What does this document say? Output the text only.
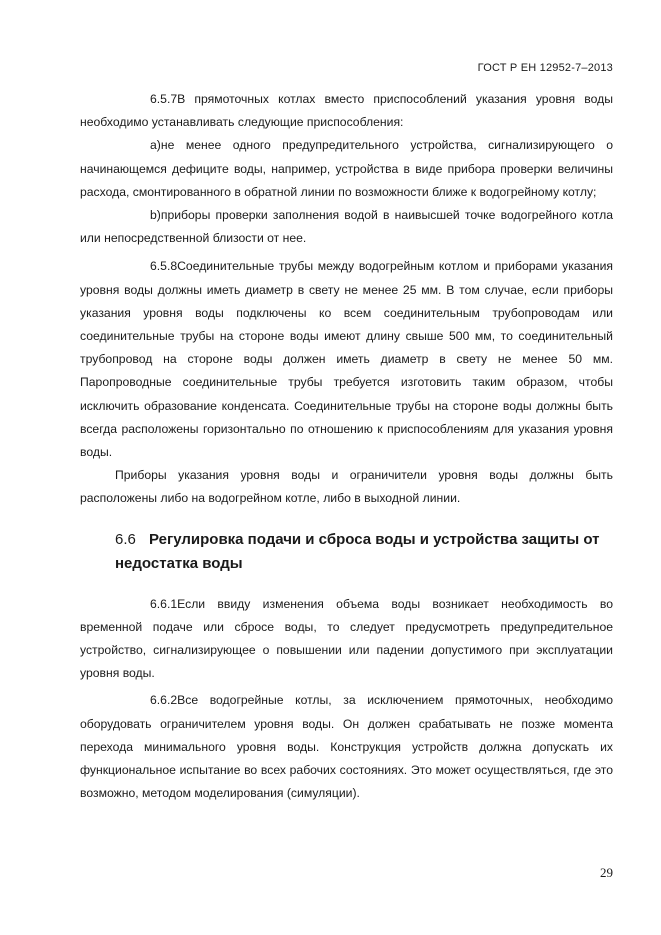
ГОСТ Р ЕН 12952-7–2013

6.5.7В прямоточных котлах вместо приспособлений указания уровня воды необходимо устанавливать следующие приспособления:

а)не менее одного предупредительного устройства, сигнализирующего о начинающемся дефиците воды, например, устройства в виде прибора проверки величины расхода, смонтированного в обратной линии по возможности ближе к водогрейному котлу;

b)приборы проверки заполнения водой в наивысшей точке водогрейного котла или непосредственной близости от нее.

6.5.8Соединительные трубы между водогрейным котлом и приборами указания уровня воды должны иметь диаметр в свету не менее 25 мм. В том случае, если приборы указания уровня воды подключены ко всем соединительным трубопроводам или соединительные трубы на стороне воды имеют длину свыше 500 мм, то соединительный трубопровод на стороне воды должен иметь диаметр в свету не менее 50 мм. Паропроводные соединительные трубы требуется изготовить таким образом, чтобы исключить образование конденсата. Соединительные трубы на стороне воды должны быть всегда расположены горизонтально по отношению к приспособлениям для указания уровня воды.

Приборы указания уровня воды и ограничители уровня воды должны быть расположены либо на водогрейном котле, либо в выходной линии.

6.6 Регулировка подачи и сброса воды и устройства защиты от недостатка воды

6.6.1Если ввиду изменения объема воды возникает необходимость во временной подаче или сбросе воды, то следует предусмотреть предупредительное устройство, сигнализирующее о повышении или падении допустимого при эксплуатации уровня воды.

6.6.2Все водогрейные котлы, за исключением прямоточных, необходимо оборудовать ограничителем уровня воды. Он должен срабатывать не позже момента перехода минимального уровня воды. Конструкция устройств должна допускать их функциональное испытание во всех рабочих состояниях. Это может осуществляться, где это возможно, методом моделирования (симуляции).

29
